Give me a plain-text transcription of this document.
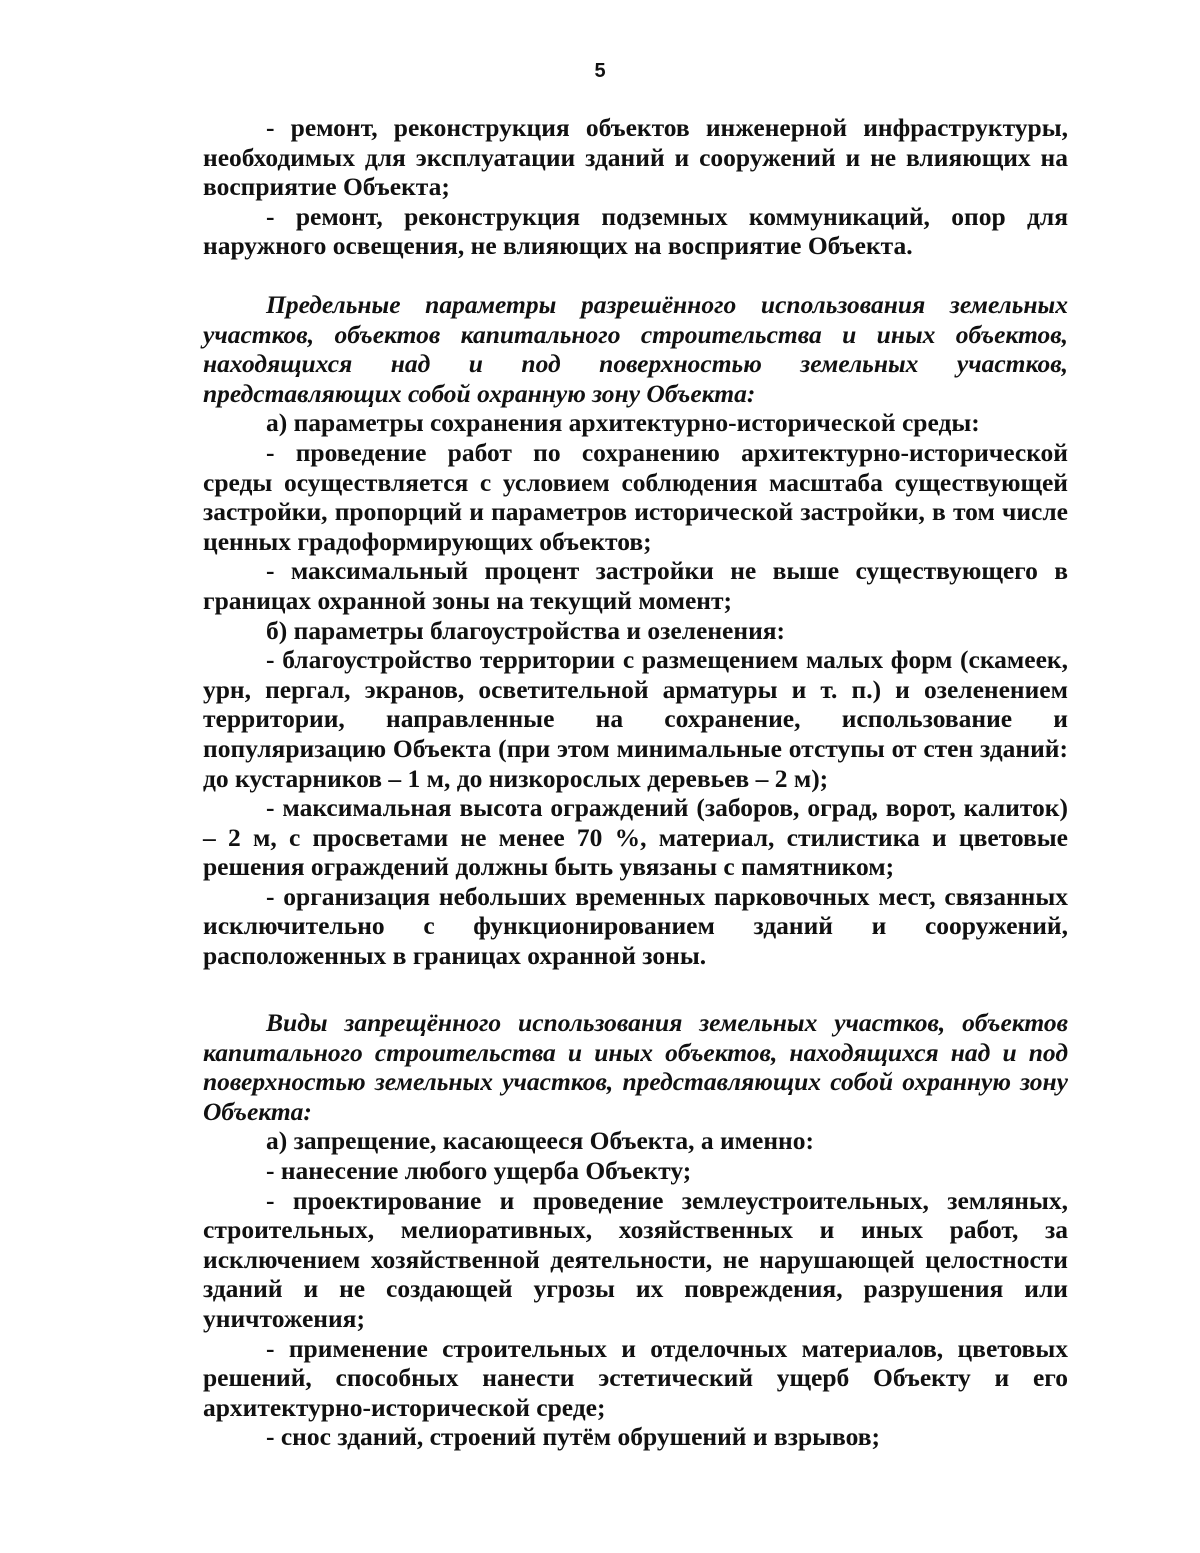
5

- ремонт, реконструкция объектов инженерной инфраструктуры, необходимых для эксплуатации зданий и сооружений и не влияющих на восприятие Объекта;

- ремонт, реконструкция подземных коммуникаций, опор для наружного освещения, не влияющих на восприятие Объекта.

Предельные параметры разрешённого использования земельных участков, объектов капитального строительства и иных объектов, находящихся над и под поверхностью земельных участков, представляющих собой охранную зону Объекта:

а) параметры сохранения архитектурно-исторической среды:

- проведение работ по сохранению архитектурно-исторической среды осуществляется с условием соблюдения масштаба существующей застройки, пропорций и параметров исторической застройки, в том числе ценных градоформирующих объектов;

- максимальный процент застройки не выше существующего в границах охранной зоны на текущий момент;

б) параметры благоустройства и озеленения:

- благоустройство территории с размещением малых форм (скамеек, урн, пергал, экранов, осветительной арматуры и т. п.) и озеленением территории, направленные на сохранение, использование и популяризацию Объекта (при этом минимальные отступы от стен зданий: до кустарников – 1 м, до низкорослых деревьев – 2 м);

- максимальная высота ограждений (заборов, оград, ворот, калиток) – 2 м, с просветами не менее 70 %, материал, стилистика и цветовые решения ограждений должны быть увязаны с памятником;

- организация небольших временных парковочных мест, связанных исключительно с функционированием зданий и сооружений, расположенных в границах охранной зоны.

Виды запрещённого использования земельных участков, объектов капитального строительства и иных объектов, находящихся над и под поверхностью земельных участков, представляющих собой охранную зону Объекта:

а) запрещение, касающееся Объекта, а именно:

- нанесение любого ущерба Объекту;

- проектирование и проведение землеустроительных, земляных, строительных, мелиоративных, хозяйственных и иных работ, за исключением хозяйственной деятельности, не нарушающей целостности зданий и не создающей угрозы их повреждения, разрушения или уничтожения;

- применение строительных и отделочных материалов, цветовых решений, способных нанести эстетический ущерб Объекту и его архитектурно-исторической среде;

- снос зданий, строений путём обрушений и взрывов;
